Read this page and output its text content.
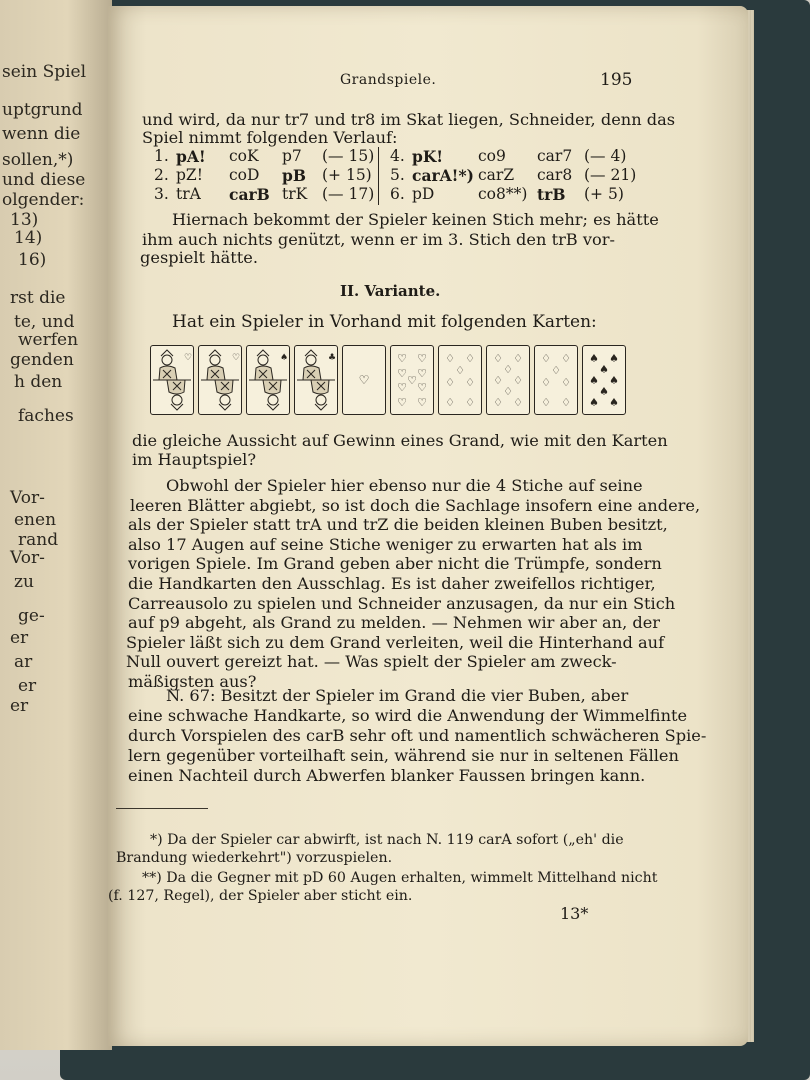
sein Spiel
uptgrund
wenn die
sollen,*)
und diese
olgender:
13)
14)
16)
rst die
te, und
werfen
genden
h den
faches
Vor-
enen
rand
Vor-
zu
ge-
er
ar
er
er
Grandspiele.	195
und wird, da nur tr7 und tr8 im Skat liegen, Schneider, denn das
Spiel nimmt folgenden Verlauf:
1. pA! coK p7 (— 15)
2. pZ! coD pB (+ 15)
3. trA carB trK (— 17)
4. pK! co9 car7 (— 4)
5. carA!*) carZ car8 (— 21)
6. pD	co8**) trB (+ 5)
Hiernach bekommt der Spieler keinen Stich mehr; es hätte
ihm auch nichts genützt, wenn er im 3. Stich den trB vor-
gespielt hätte.
II. Variante.
Hat ein Spieler in Vorhand mit folgenden Karten:
♡	♡	♠	♣
♡
♡ ♡
♡ ♡
♡
♡ ♡
♡ ♡
♢ ♢
♢
♢ ♢
♢ ♢
♢ ♢
♢
♢ ♢
♢
♢ ♢
♢ ♢
♢
♢ ♢
♢ ♢
♠ ♠
♠
♠ ♠
♠
♠ ♠
die gleiche Aussicht auf Gewinn eines Grand, wie mit den Karten
im Hauptspiel?
Obwohl der Spieler hier ebenso nur die 4 Stiche auf seine
leeren Blätter abgiebt, so ist doch die Sachlage insofern eine andere,
als der Spieler statt trA und trZ die beiden kleinen Buben besitzt,
also 17 Augen auf seine Stiche weniger zu erwarten hat als im
vorigen Spiele. Im Grand geben aber nicht die Trümpfe, sondern
die Handkarten den Ausschlag. Es ist daher zweifellos richtiger,
Carreausolo zu spielen und Schneider anzusagen, da nur ein Stich
auf p9 abgeht, als Grand zu melden. — Nehmen wir aber an, der
Spieler läßt sich zu dem Grand verleiten, weil die Hinterhand auf
Null ouvert gereizt hat. — Was spielt der Spieler am zweck-
mäßigsten aus?
N. 67: Besitzt der Spieler im Grand die vier Buben, aber
eine schwache Handkarte, so wird die Anwendung der Wimmelfinte
durch Vorspielen des carB sehr oft und namentlich schwächeren Spie-
lern gegenüber vorteilhaft sein, während sie nur in seltenen Fällen
einen Nachteil durch Abwerfen blanker Faussen bringen kann.
*) Da der Spieler car abwirft, ist nach N. 119 carA sofort („eh' die
Brandung wiederkehrt") vorzuspielen.
**) Da die Gegner mit pD 60 Augen erhalten, wimmelt Mittelhand nicht
(f. 127, Regel), der Spieler aber sticht ein.
13*
